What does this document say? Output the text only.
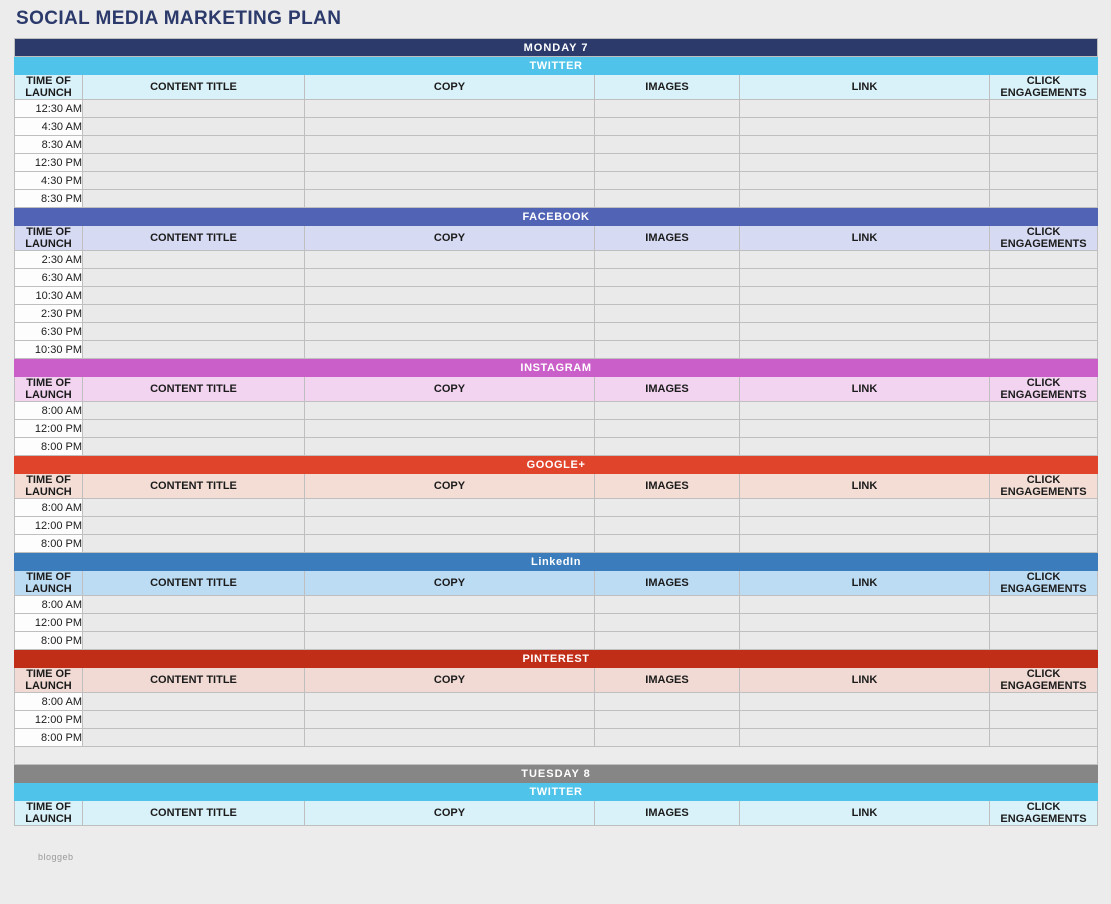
SOCIAL MEDIA MARKETING PLAN
MONDAY 7					
TWITTER					

TIME OF
LAUNCH	CONTENT TITLE	COPY	IMAGES	LINK	CLICK
ENGAGEMENTS

12:30 AM					
4:30 AM					
8:30 AM					
12:30 PM					
4:30 PM					
8:30 PM					
FACEBOOK					

TIME OF
LAUNCH	CONTENT TITLE	COPY	IMAGES	LINK	CLICK
ENGAGEMENTS

2:30 AM					
6:30 AM					
10:30 AM					
2:30 PM					
6:30 PM					
10:30 PM					
INSTAGRAM					

TIME OF
LAUNCH	CONTENT TITLE	COPY	IMAGES	LINK	CLICK
ENGAGEMENTS

8:00 AM					
12:00 PM					
8:00 PM					
GOOGLE+					

TIME OF
LAUNCH	CONTENT TITLE	COPY	IMAGES	LINK	CLICK
ENGAGEMENTS

8:00 AM					
12:00 PM					
8:00 PM					
LinkedIn					

TIME OF
LAUNCH	CONTENT TITLE	COPY	IMAGES	LINK	CLICK
ENGAGEMENTS

8:00 AM					
12:00 PM					
8:00 PM					
PINTEREST					

TIME OF
LAUNCH	CONTENT TITLE	COPY	IMAGES	LINK	CLICK
ENGAGEMENTS

8:00 AM					
12:00 PM					
8:00 PM					

TUESDAY 8					
TWITTER					

TIME OF
LAUNCH	CONTENT TITLE	COPY	IMAGES	LINK	CLICK
ENGAGEMENTS
bloggeb
